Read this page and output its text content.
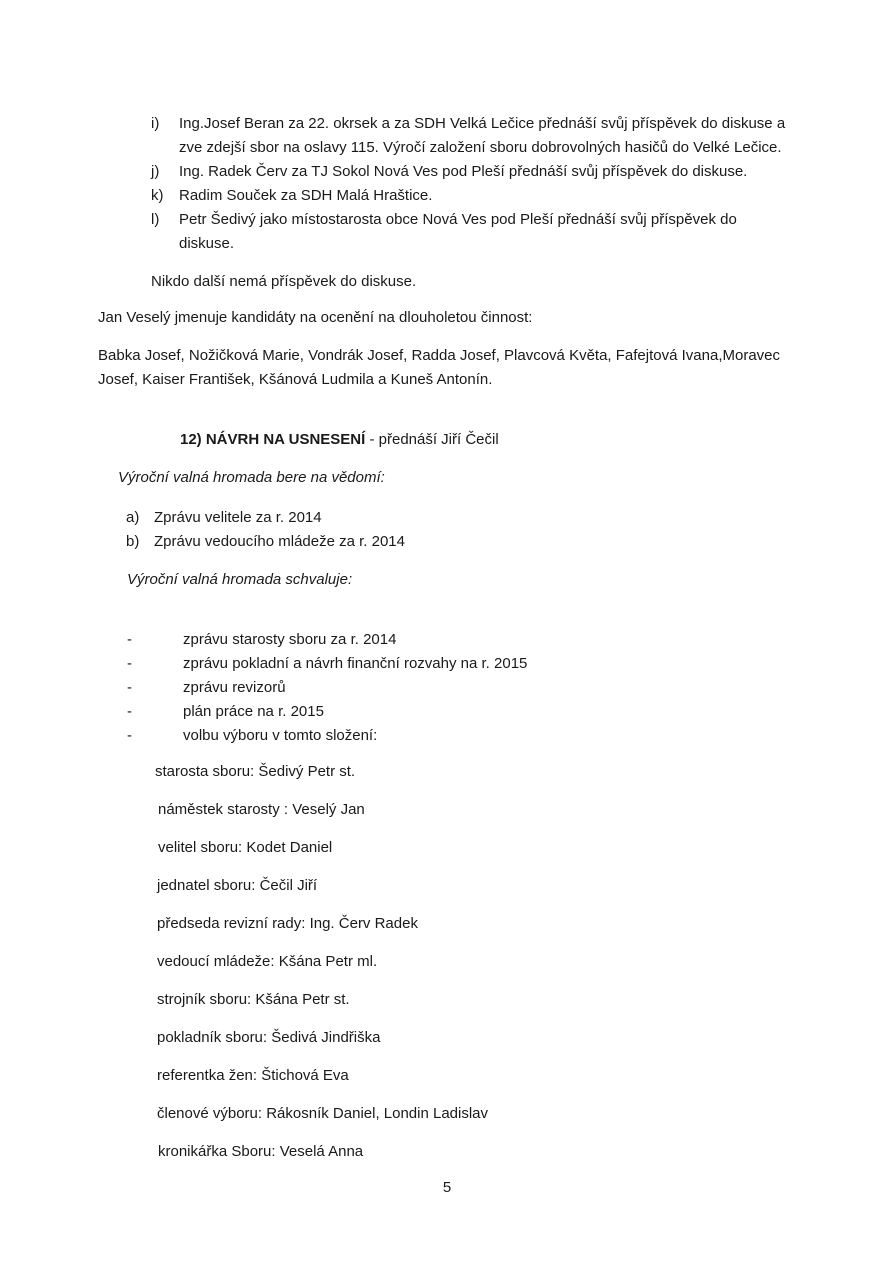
i)	Ing.Josef Beran za 22. okrsek a za SDH Velká Lečice přednáší svůj příspěvek do diskuse a
zve zdejší sbor na oslavy 115. Výročí založení sboru dobrovolných hasičů do Velké Lečice.
j)	Ing. Radek Červ za TJ Sokol Nová Ves pod Pleší přednáší svůj příspěvek do diskuse.
k)	Radim Souček za SDH Malá Hraštice.
l)	Petr Šedivý jako místostarosta obce Nová Ves pod Pleší přednáší svůj příspěvek do
diskuse.

Nikdo další nemá příspěvek do diskuse.

Jan Veselý jmenuje kandidáty na ocenění na dlouholetou činnost:

Babka Josef, Nožičková Marie, Vondrák Josef, Radda Josef, Plavcová Květa, Fafejtová Ivana,Moravec
Josef, Kaiser František, Kšánová Ludmila a Kuneš Antonín.
12) NÁVRH NA USNESENÍ - přednáší Jiří Čečil
Výroční valná hromada bere na vědomí:
a) Zprávu velitele za r. 2014
b) Zprávu vedoucího mládeže za r. 2014
Výroční valná hromada schvaluje:
-	zprávu starosty sboru za r. 2014
-	zprávu pokladní a návrh finanční rozvahy na r. 2015
-	zprávu revizorů
-	plán práce na r. 2015
-	volbu výboru v tomto složení:
starosta sboru: Šedivý Petr st.
náměstek starosty : Veselý Jan
velitel sboru: Kodet Daniel
jednatel sboru: Čečil Jiří
předseda revizní rady: Ing. Červ Radek
vedoucí mládeže: Kšána Petr ml.
strojník sboru: Kšána Petr st.
pokladník sboru: Šedivá Jindřiška
referentka žen: Štichová Eva
členové výboru: Rákosník Daniel, Londin Ladislav
kronikářka Sboru: Veselá Anna
5
